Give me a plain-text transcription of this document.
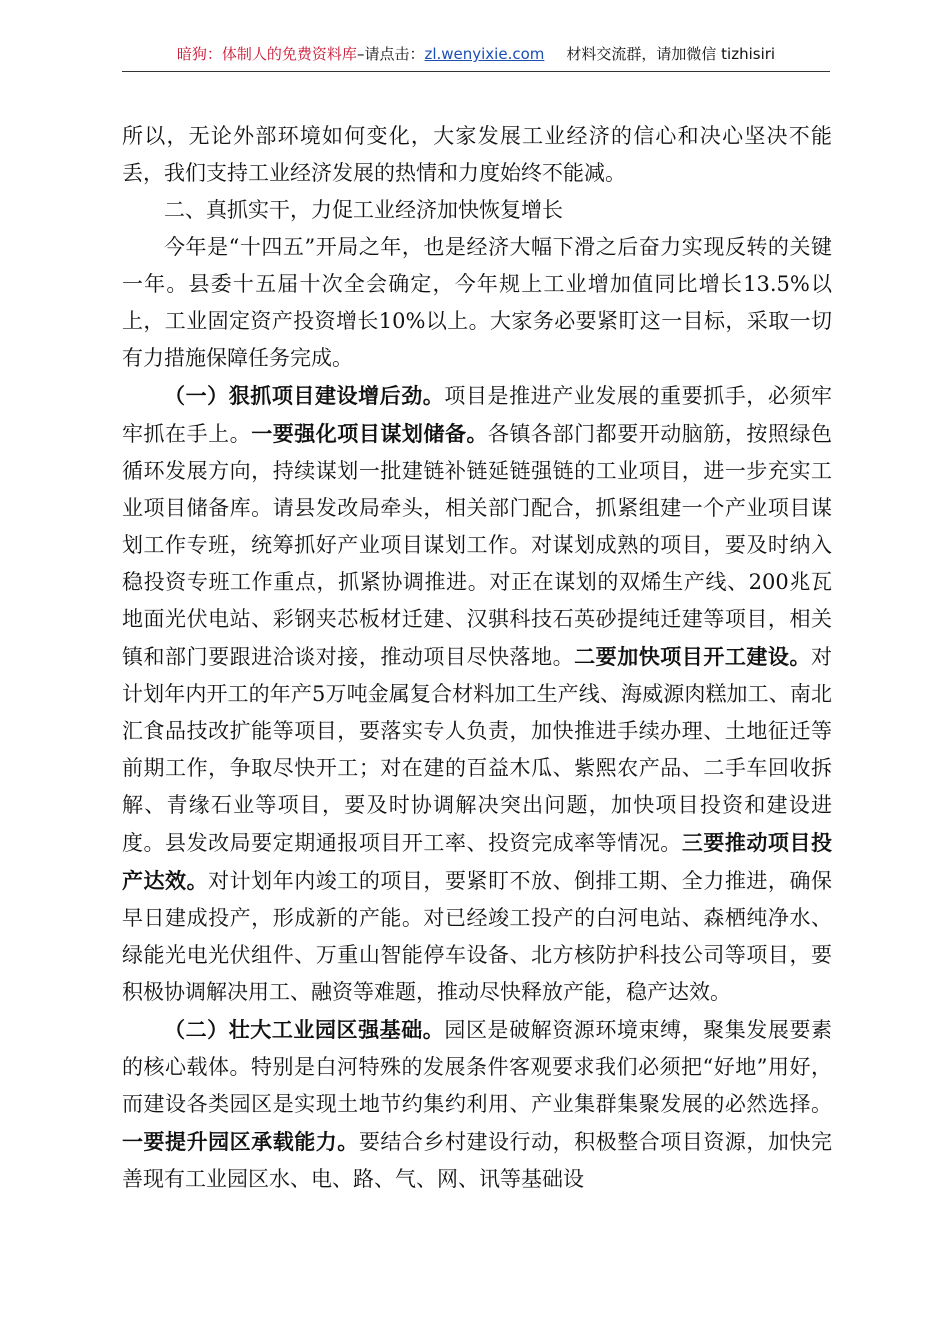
暗狗：体制人的免费资料库–请点击：zl.wenyixie.com 材料交流群，请加微信 tizhisiri

所以，无论外部环境如何变化，大家发展工业经济的信心和决心坚决不能丢，我们支持工业经济发展的热情和力度始终不能减。

二、真抓实干，力促工业经济加快恢复增长

今年是“十四五”开局之年，也是经济大幅下滑之后奋力实现反转的关键一年。县委十五届十次全会确定，今年规上工业增加值同比增长13.5%以上，工业固定资产投资增长10%以上。大家务必要紧盯这一目标，采取一切有力措施保障任务完成。

（一）狠抓项目建设增后劲。项目是推进产业发展的重要抓手，必须牢牢抓在手上。一要强化项目谋划储备。各镇各部门都要开动脑筋，按照绿色循环发展方向，持续谋划一批建链补链延链强链的工业项目，进一步充实工业项目储备库。请县发改局牵头，相关部门配合，抓紧组建一个产业项目谋划工作专班，统筹抓好产业项目谋划工作。对谋划成熟的项目，要及时纳入稳投资专班工作重点，抓紧协调推进。对正在谋划的双烯生产线、200兆瓦地面光伏电站、彩钢夹芯板材迁建、汉骐科技石英砂提纯迁建等项目，相关镇和部门要跟进洽谈对接，推动项目尽快落地。二要加快项目开工建设。对计划年内开工的年产5万吨金属复合材料加工生产线、海威源肉糕加工、南北汇食品技改扩能等项目，要落实专人负责，加快推进手续办理、土地征迁等前期工作，争取尽快开工；对在建的百益木瓜、紫熙农产品、二手车回收拆解、青缘石业等项目，要及时协调解决突出问题，加快项目投资和建设进度。县发改局要定期通报项目开工率、投资完成率等情况。三要推动项目投产达效。对计划年内竣工的项目，要紧盯不放、倒排工期、全力推进，确保早日建成投产，形成新的产能。对已经竣工投产的白河电站、森栖纯净水、绿能光电光伏组件、万重山智能停车设备、北方核防护科技公司等项目，要积极协调解决用工、融资等难题，推动尽快释放产能，稳产达效。

（二）壮大工业园区强基础。园区是破解资源环境束缚，聚集发展要素的核心载体。特别是白河特殊的发展条件客观要求我们必须把“好地”用好，而建设各类园区是实现土地节约集约利用、产业集群集聚发展的必然选择。一要提升园区承载能力。要结合乡村建设行动，积极整合项目资源，加快完善现有工业园区水、电、路、气、网、讯等基础设
